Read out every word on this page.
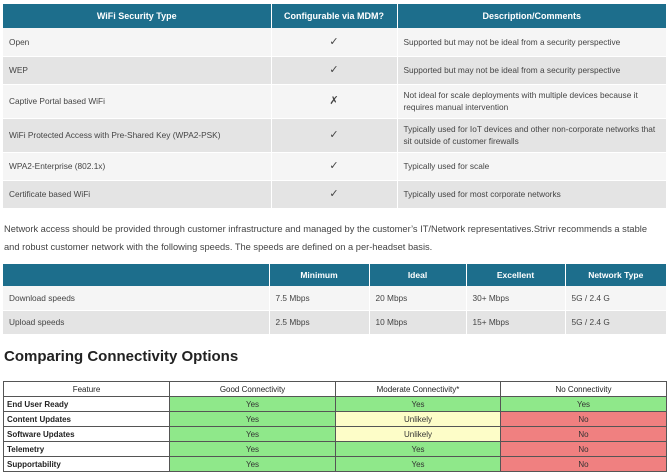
WiFi Security Type	Configurable via MDM?	Description/Comments
Open	✓	Supported but may not be ideal from a security perspective
WEP	✓	Supported but may not be ideal from a security perspective
Captive Portal based WiFi	✗	Not ideal for scale deployments with multiple devices because it requires manual intervention
WiFi Protected Access with Pre-Shared Key (WPA2-PSK)	✓	Typically used for IoT devices and other non-corporate networks that sit outside of customer firewalls
WPA2-Enterprise (802.1x)	✓	Typically used for scale
Certificate based WiFi	✓	Typically used for most corporate networks

Network access should be provided through customer infrastructure and managed by the customer’s IT/Network representatives.Strivr recommends a stable and robust customer network with the following speeds. The speeds are defined on a per-headset basis.

	Minimum	Ideal	Excellent	Network Type
Download speeds	7.5 Mbps	20 Mbps	30+ Mbps	5G / 2.4 G
Upload speeds	2.5 Mbps	10 Mbps	15+ Mbps	5G / 2.4 G
Comparing Connectivity Options
Feature	Good Connectivity	Moderate Connectivity*	No Connectivity
End User Ready	Yes	Yes	Yes
Content Updates	Yes	Unlikely	No
Software Updates	Yes	Unlikely	No
Telemetry	Yes	Yes	No
Supportability	Yes	Yes	No
